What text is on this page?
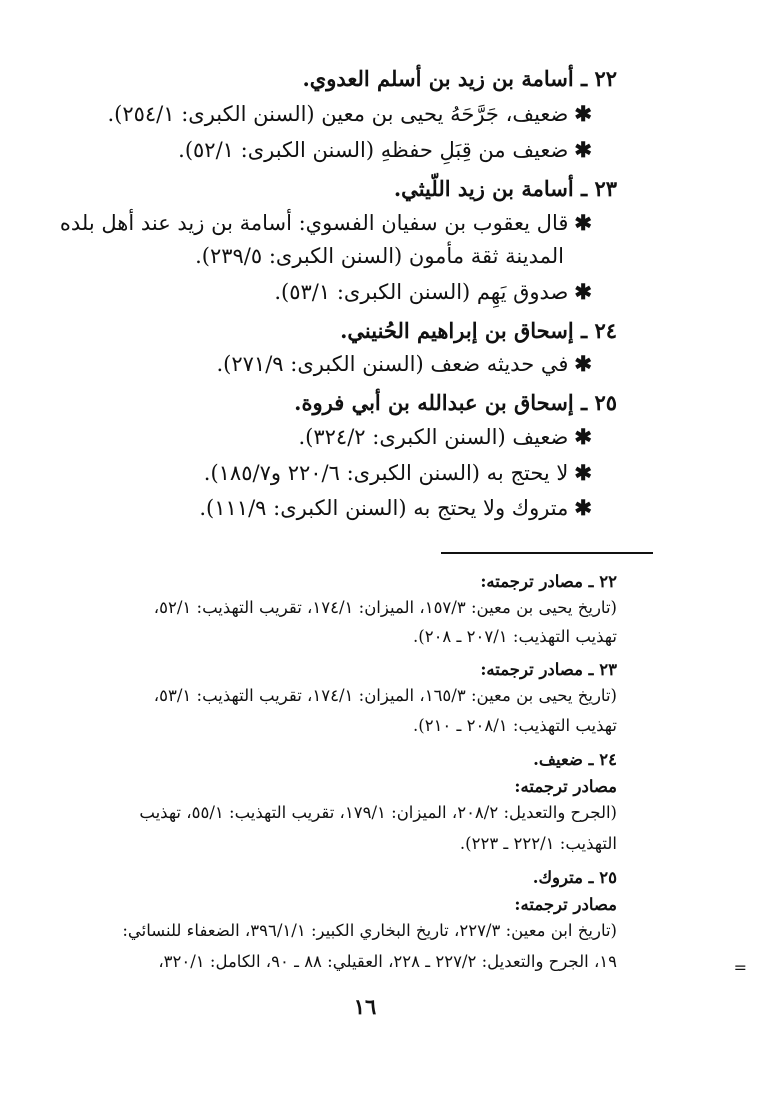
٢٢ ـ أسامة بن زيد بن أسلم العدوي.
✱ضعيف، جَرَّحَهُ يحيى بن معين (السنن الكبرى: ٢٥٤/١).
✱ضعيف من قِبَلِ حفظهِ (السنن الكبرى: ٥٢/١).
٢٣ ـ أسامة بن زيد اللّيثي.
✱قال يعقوب بن سفيان الفسوي: أسامة بن زيد عند أهل بلده
المدينة ثقة مأمون (السنن الكبرى: ٢٣٩/٥).
✱صدوق يَهِم (السنن الكبرى: ٥٣/١).
٢٤ ـ إسحاق بن إبراهيم الحُنيني.
✱في حديثه ضعف (السنن الكبرى: ٢٧١/٩).
٢٥ ـ إسحاق بن عبدالله بن أبي فروة.
✱ضعيف (السنن الكبرى: ٣٢٤/٢).
✱لا يحتج به (السنن الكبرى: ٢٢٠/٦ و١٨٥/٧).
✱متروك ولا يحتج به (السنن الكبرى: ١١١/٩).
٢٢ ـ مصادر ترجمته:
(تاريخ يحيى بن معين: ١٥٧/٣، الميزان: ١٧٤/١، تقريب التهذيب: ٥٢/١،
تهذيب التهذيب: ٢٠٧/١ ـ ٢٠٨).
٢٣ ـ مصادر ترجمته:
(تاريخ يحيى بن معين: ١٦٥/٣، الميزان: ١٧٤/١، تقريب التهذيب: ٥٣/١،
تهذيب التهذيب: ٢٠٨/١ ـ ٢١٠).
٢٤ ـ ضعيف.
مصادر ترجمته:
(الجرح والتعديل: ٢٠٨/٢، الميزان: ١٧٩/١، تقريب التهذيب: ٥٥/١، تهذيب
التهذيب: ٢٢٢/١ ـ ٢٢٣).
٢٥ ـ متروك.
مصادر ترجمته:
(تاريخ ابن معين: ٢٢٧/٣، تاريخ البخاري الكبير: ٣٩٦/١/١، الضعفاء للنسائي:
١٩، الجرح والتعديل: ٢٢٧/٢ ـ ٢٢٨، العقيلي: ٨٨ ـ ٩٠، الكامل: ٣٢٠/١،	=
١٦
